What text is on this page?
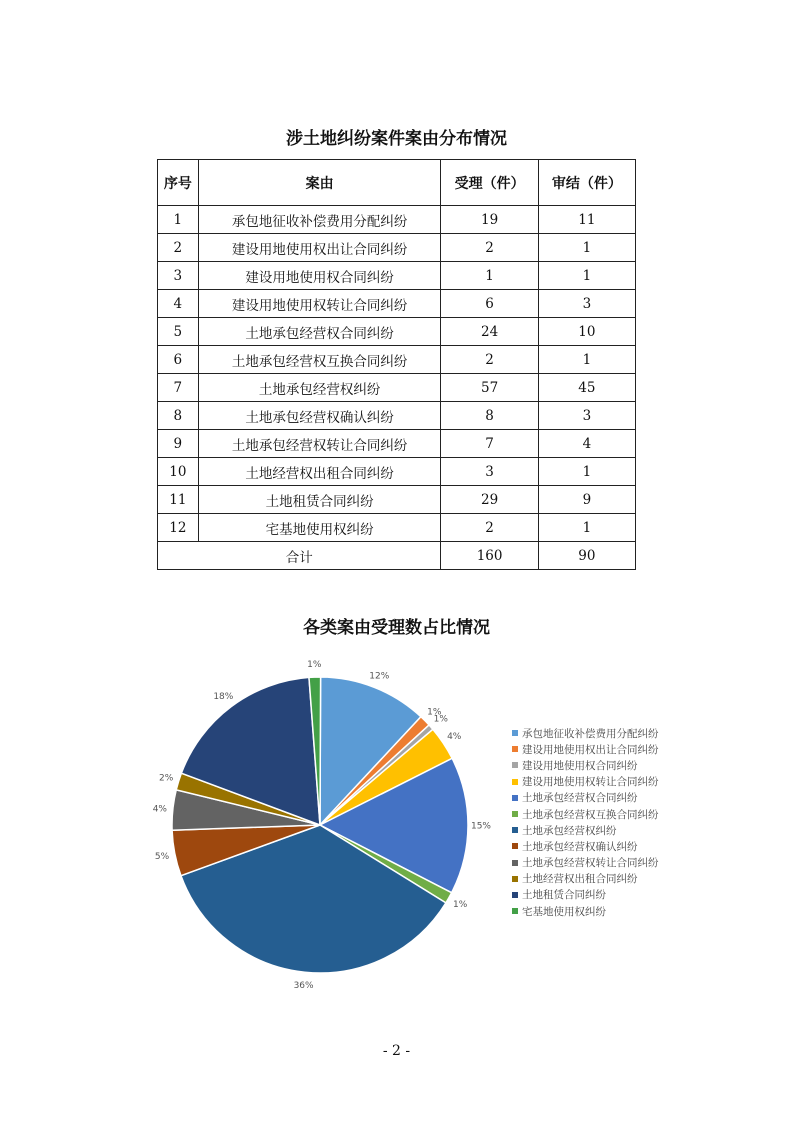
涉土地纠纷案件案由分布情况
序号	案由	受理（件）	审结（件）
1	承包地征收补偿费用分配纠纷	19	11
2	建设用地使用权出让合同纠纷	2	1
3	建设用地使用权合同纠纷	1	1
4	建设用地使用权转让合同纠纷	6	3
5	土地承包经营权合同纠纷	24	10
6	土地承包经营权互换合同纠纷	2	1
7	土地承包经营权纠纷	57	45
8	土地承包经营权确认纠纷	8	3
9	土地承包经营权转让合同纠纷	7	4
10	土地经营权出租合同纠纷	3	1
11	土地租赁合同纠纷	29	9
12	宅基地使用权纠纷	2	1
合计		160	90
各类案由受理数占比情况
12%
1%
1%
4%
15%
1%
36%
5%
4%
2%
18%
1%
承包地征收补偿费用分配纠纷
建设用地使用权出让合同纠纷
建设用地使用权合同纠纷
建设用地使用权转让合同纠纷
土地承包经营权合同纠纷
土地承包经营权互换合同纠纷
土地承包经营权纠纷
土地承包经营权确认纠纷
土地承包经营权转让合同纠纷
土地经营权出租合同纠纷
土地租赁合同纠纷
宅基地使用权纠纷
- 2 -
